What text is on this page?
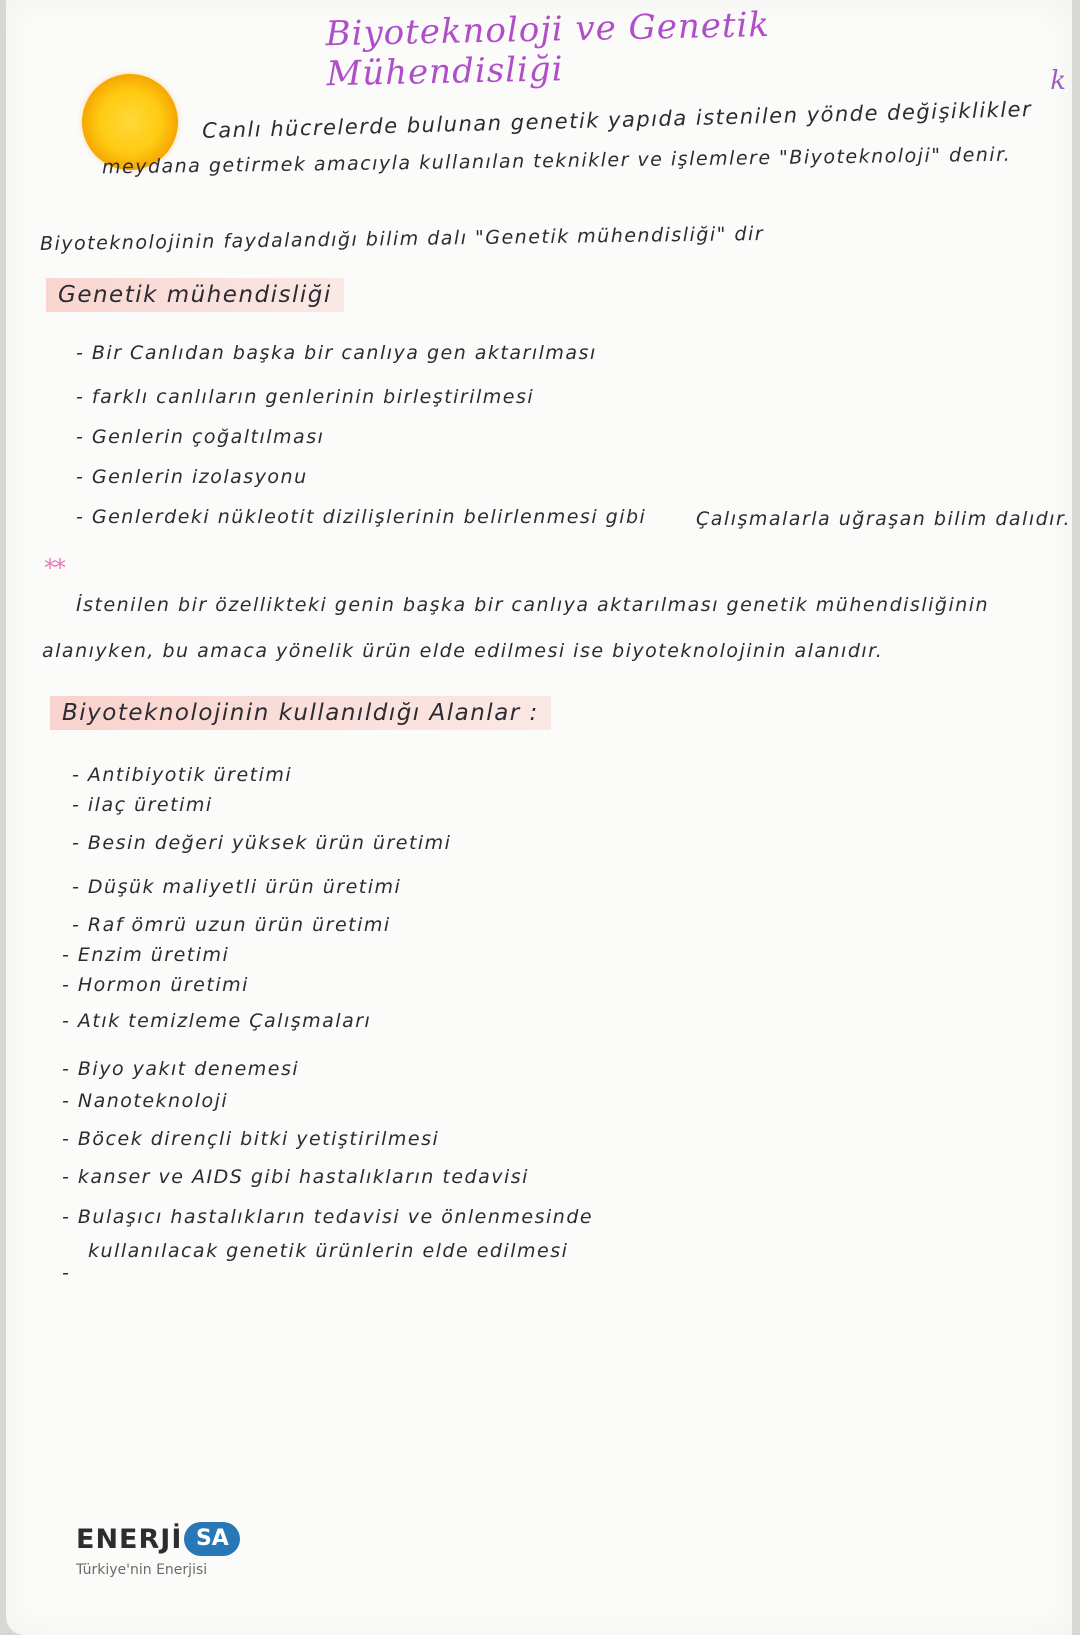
Biyoteknoloji ve Genetik Mühendisliği	k
Canlı hücrelerde bulunan genetik yapıda istenilen yönde değişiklikler
meydana getirmek amacıyla kullanılan teknikler ve işlemlere "Biyoteknoloji" denir.
Biyoteknolojinin faydalandığı bilim dalı "Genetik mühendisliği" dir
Genetik mühendisliği
- Bir Canlıdan başka bir canlıya gen aktarılması
- farklı canlıların genlerinin birleştirilmesi
- Genlerin çoğaltılması
- Genlerin izolasyonu
- Genlerdeki nükleotit dizilişlerinin belirlenmesi gibi	Çalışmalarla uğraşan bilim dalıdır.
**
İstenilen bir özellikteki genin başka bir canlıya aktarılması genetik mühendisliğinin
alanıyken, bu amaca yönelik ürün elde edilmesi ise biyoteknolojinin alanıdır.
Biyoteknolojinin kullanıldığı Alanlar :
- Antibiyotik üretimi
- ilaç üretimi
- Besin değeri yüksek ürün üretimi
- Düşük maliyetli ürün üretimi
- Raf ömrü uzun ürün üretimi
- Enzim üretimi
- Hormon üretimi
- Atık temizleme Çalışmaları
- Biyo yakıt denemesi
- Nanoteknoloji
- Böcek dirençli bitki yetiştirilmesi
- kanser ve AIDS gibi hastalıkların tedavisi
- Bulaşıcı hastalıkların tedavisi ve önlenmesinde
kullanılacak genetik ürünlerin elde edilmesi
-
ENERJİ SA
Türkiye'nin Enerjisi
